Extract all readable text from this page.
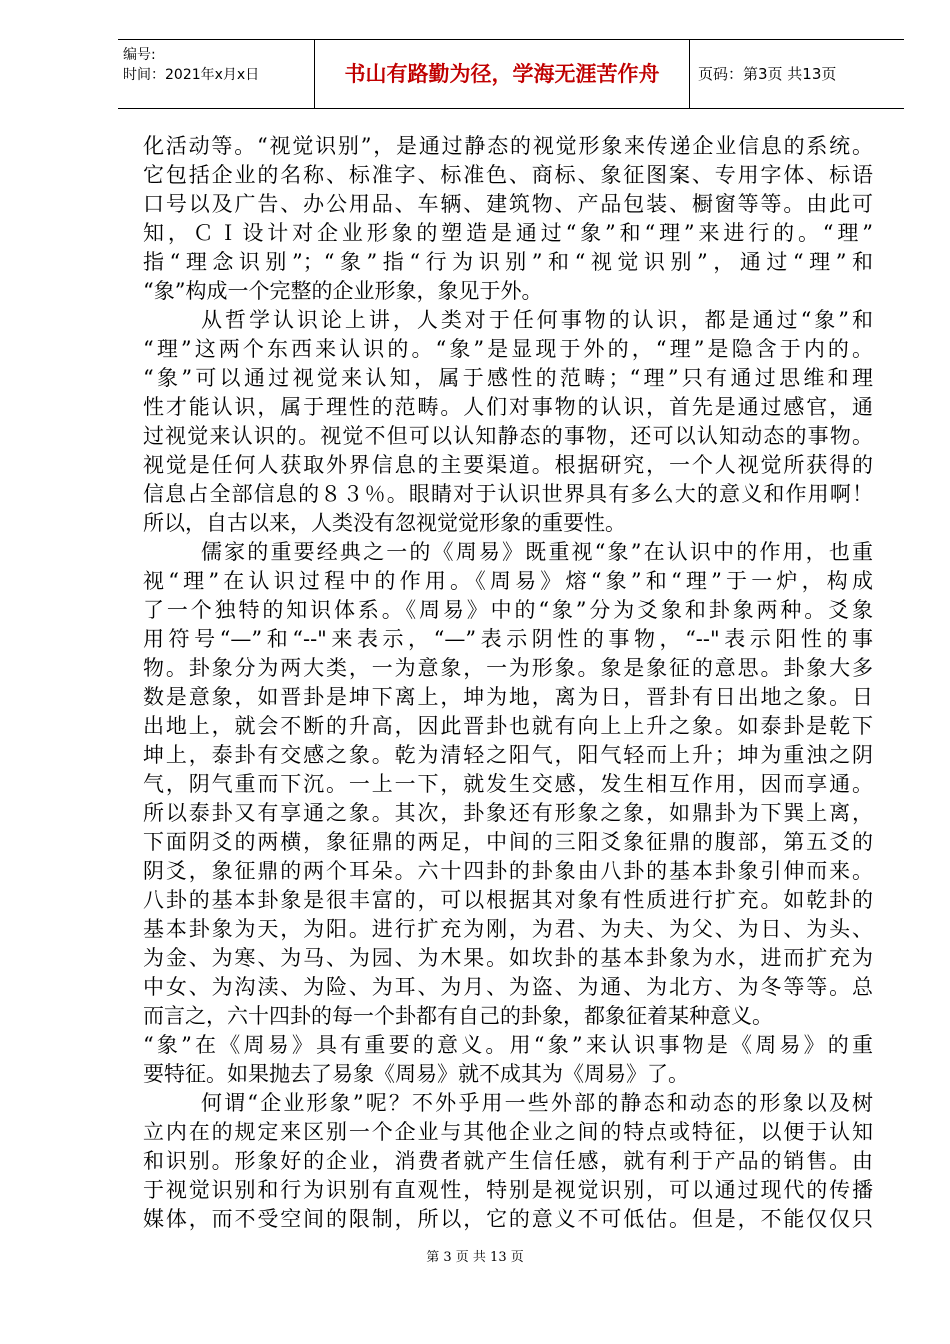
编号:
时间：2021年x月x日	书山有路勤为径，学海无涯苦作舟	页码：第3页 共13页
化活动等。“视觉识别”，是通过静态的视觉形象来传递企业信息的系统。
它包括企业的名称、标准字、标准色、商标、象征图案、专用字体、标语
口号以及广告、办公用品、车辆、建筑物、产品包装、橱窗等等。由此可
知，ＣＩ设计对企业形象的塑造是通过“象”和“理”来进行的。“理”
指“理念识别”；“象”指“行为识别”和“视觉识别”，通过“理”和
“象”构成一个完整的企业形象，象见于外。
从哲学认识论上讲，人类对于任何事物的认识，都是通过“象”和
“理”这两个东西来认识的。“象”是显现于外的，“理”是隐含于内的。
“象”可以通过视觉来认知，属于感性的范畴；“理”只有通过思维和理
性才能认识，属于理性的范畴。人们对事物的认识，首先是通过感官，通
过视觉来认识的。视觉不但可以认知静态的事物，还可以认知动态的事物。
视觉是任何人获取外界信息的主要渠道。根据研究，一个人视觉所获得的
信息占全部信息的８３％。眼睛对于认识世界具有多么大的意义和作用啊！
所以，自古以来，人类没有忽视觉觉形象的重要性。
儒家的重要经典之一的《周易》既重视“象”在认识中的作用，也重
视“理”在认识过程中的作用。《周易》熔“象”和“理”于一炉，构成
了一个独特的知识体系。《周易》中的“象”分为爻象和卦象两种。爻象
用符号“—”和“--"来表示，“—”表示阴性的事物，“--"表示阳性的事
物。卦象分为两大类，一为意象，一为形象。象是象征的意思。卦象大多
数是意象，如晋卦是坤下离上，坤为地，离为日，晋卦有日出地之象。日
出地上，就会不断的升高，因此晋卦也就有向上上升之象。如泰卦是乾下
坤上，泰卦有交感之象。乾为清轻之阳气，阳气轻而上升；坤为重浊之阴
气，阴气重而下沉。一上一下，就发生交感，发生相互作用，因而享通。
所以泰卦又有享通之象。其次，卦象还有形象之象，如鼎卦为下巽上离，
下面阴爻的两横，象征鼎的两足，中间的三阳爻象征鼎的腹部，第五爻的
阴爻，象征鼎的两个耳朵。六十四卦的卦象由八卦的基本卦象引伸而来。
八卦的基本卦象是很丰富的，可以根据其对象有性质进行扩充。如乾卦的
基本卦象为天，为阳。进行扩充为刚，为君、为夫、为父、为日、为头、
为金、为寒、为马、为园、为木果。如坎卦的基本卦象为水，进而扩充为
中女、为沟渎、为险、为耳、为月、为盗、为通、为北方、为冬等等。总
而言之，六十四卦的每一个卦都有自己的卦象，都象征着某种意义。
“象”在《周易》具有重要的意义。用“象”来认识事物是《周易》的重
要特征。如果抛去了易象《周易》就不成其为《周易》了。
何谓“企业形象”呢？不外乎用一些外部的静态和动态的形象以及树
立内在的规定来区别一个企业与其他企业之间的特点或特征，以便于认知
和识别。形象好的企业，消费者就产生信任感，就有利于产品的销售。由
于视觉识别和行为识别有直观性，特别是视觉识别，可以通过现代的传播
媒体，而不受空间的限制，所以，它的意义不可低估。但是，不能仅仅只
第 3 页 共 13 页
